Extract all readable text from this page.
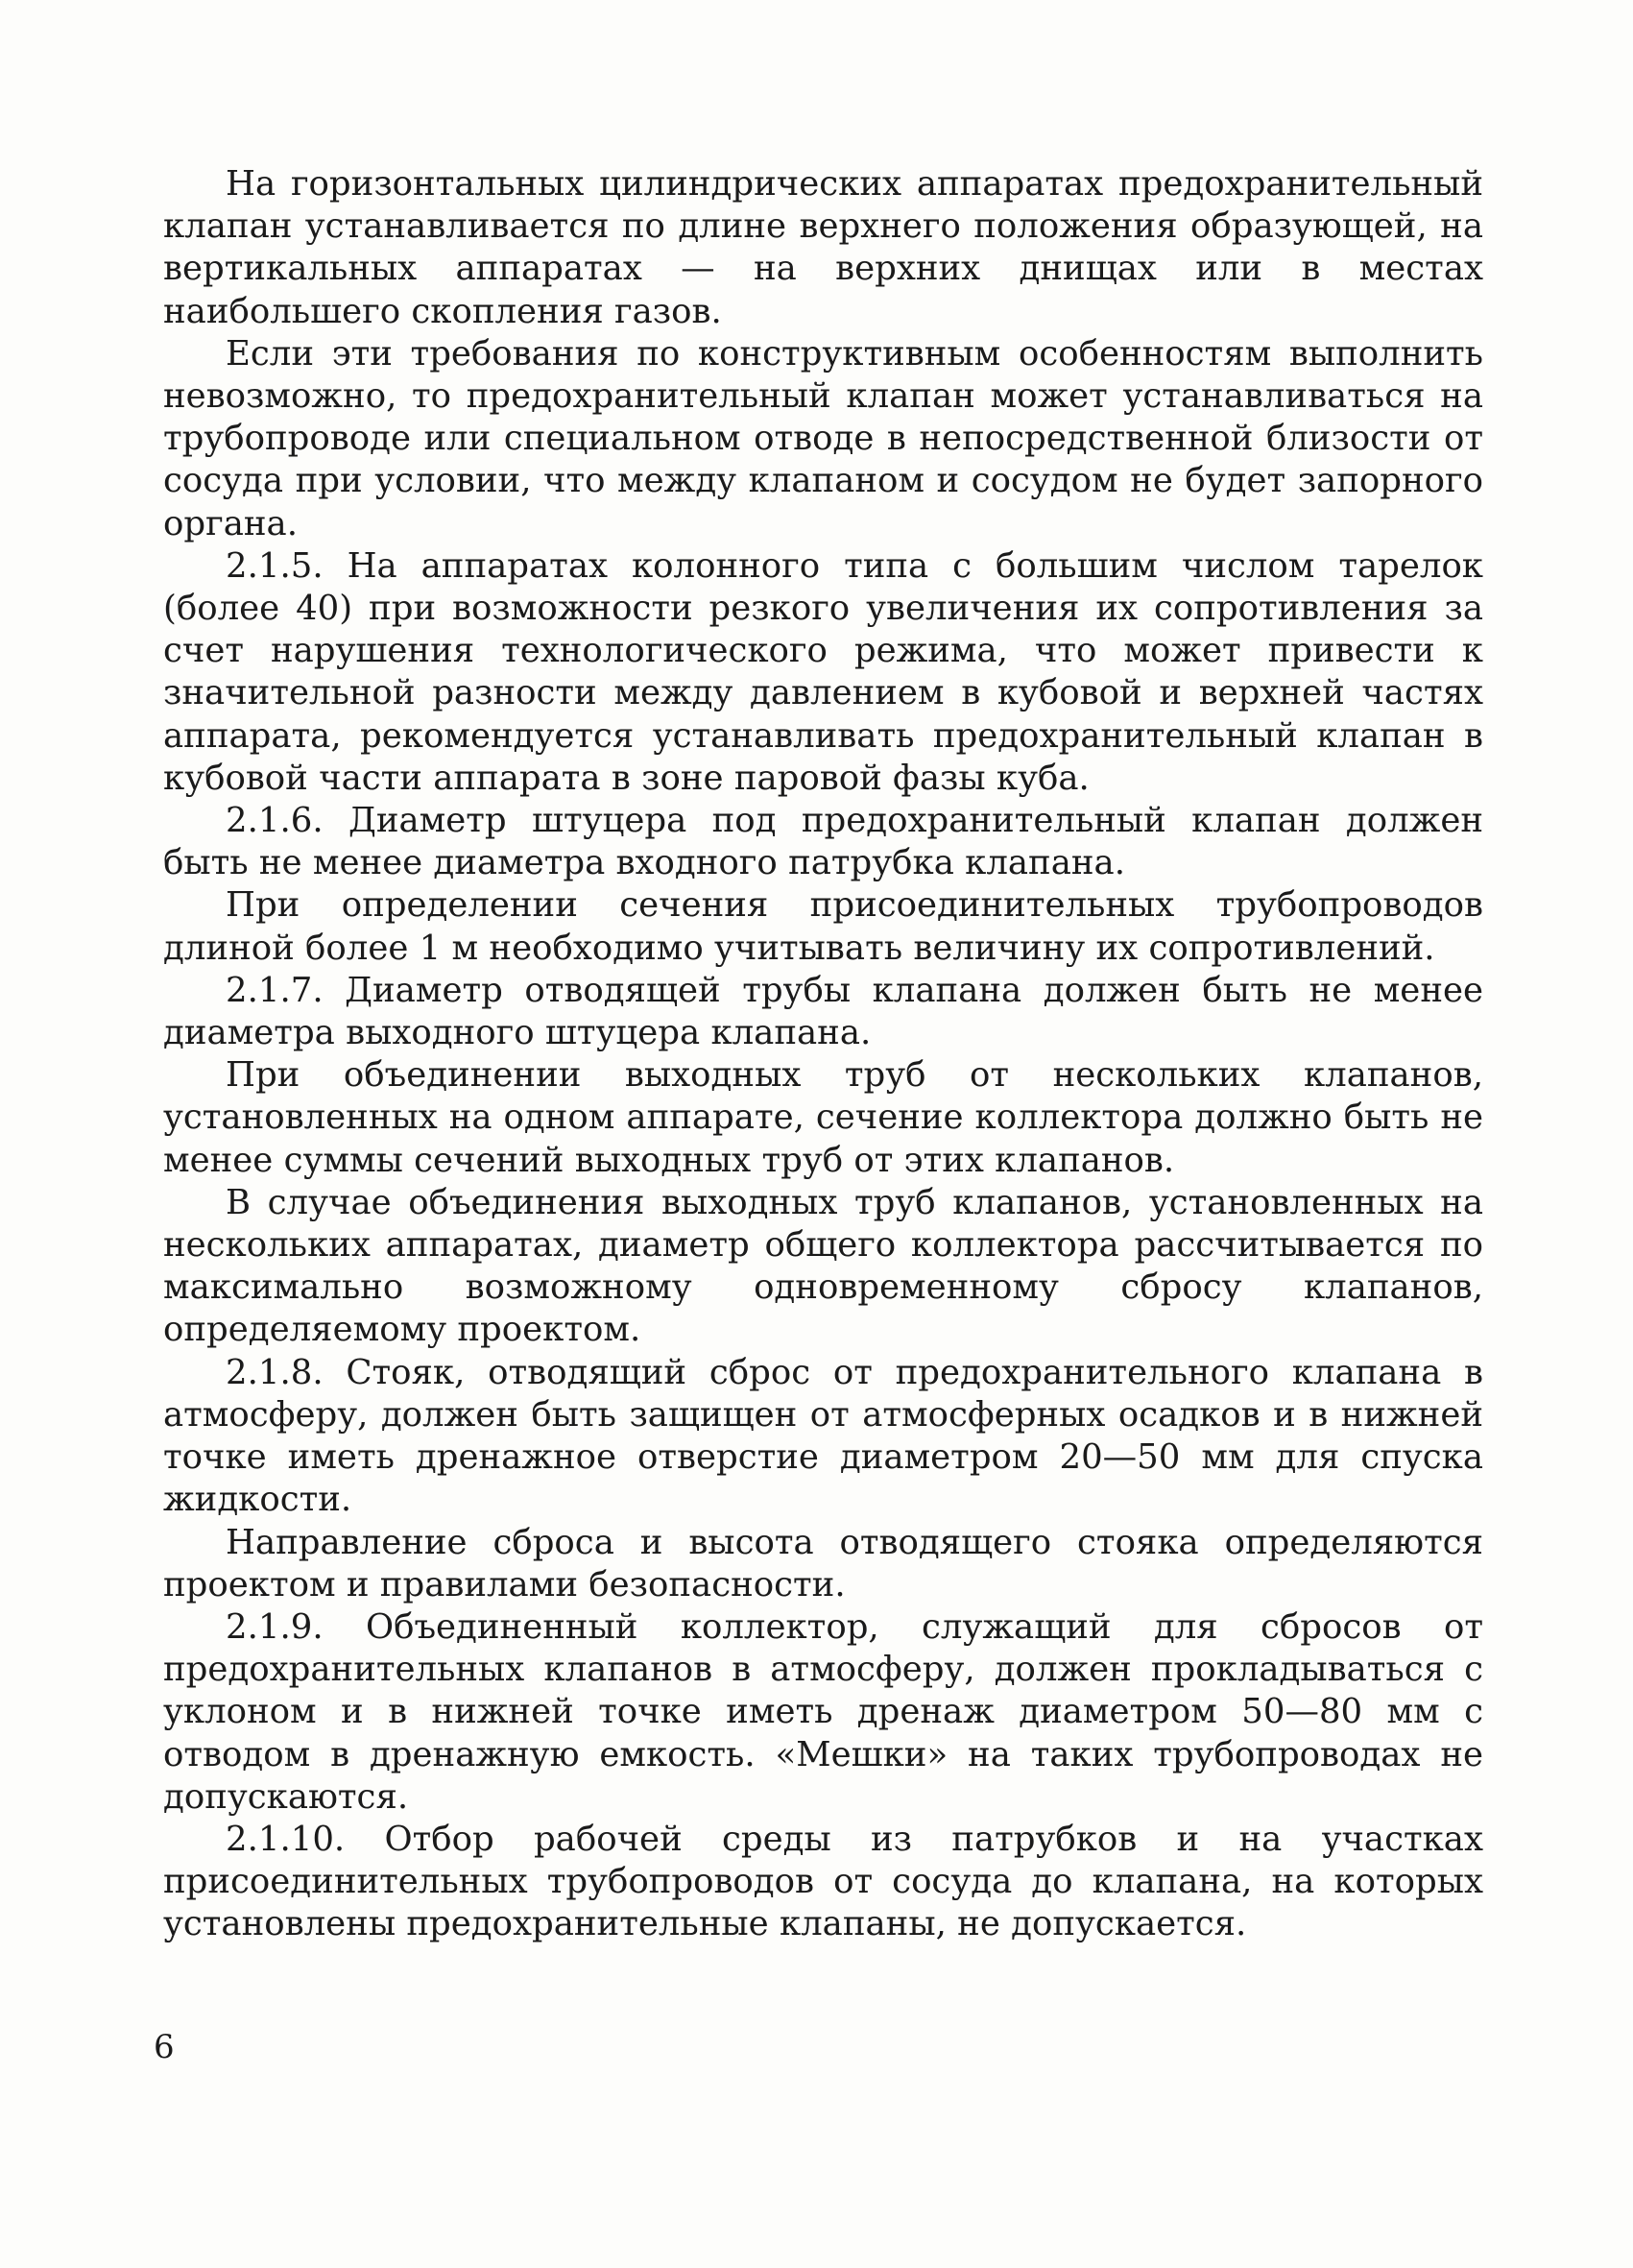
На горизонтальных цилиндрических аппаратах предохранительный клапан устанавливается по длине верхнего положения образующей, на вертикальных аппаратах — на верхних днищах или в местах наибольшего скопления газов.

Если эти требования по конструктивным особенностям выполнить невозможно, то предохранительный клапан может устанавливаться на трубопроводе или специальном отводе в непосредственной близости от сосуда при условии, что между клапаном и сосудом не будет запорного органа.

2.1.5. На аппаратах колонного типа с большим числом тарелок (более 40) при возможности резкого увеличения их сопротивления за счет нарушения технологического режима, что может привести к значительной разности между давлением в кубовой и верхней частях аппарата, рекомендуется устанавливать предохранительный клапан в кубовой части аппарата в зоне паровой фазы куба.

2.1.6. Диаметр штуцера под предохранительный клапан должен быть не менее диаметра входного патрубка клапана.

При определении сечения присоединительных трубопроводов длиной более 1 м необходимо учитывать величину их сопротивлений.

2.1.7. Диаметр отводящей трубы клапана должен быть не менее диаметра выходного штуцера клапана.

При объединении выходных труб от нескольких клапанов, установленных на одном аппарате, сечение коллектора должно быть не менее суммы сечений выходных труб от этих клапанов.

В случае объединения выходных труб клапанов, установленных на нескольких аппаратах, диаметр общего коллектора рассчитывается по максимально возможному одновременному сбросу клапанов, определяемому проектом.

2.1.8. Стояк, отводящий сброс от предохранительного клапана в атмосферу, должен быть защищен от атмосферных осадков и в нижней точке иметь дренажное отверстие диаметром 20—50 мм для спуска жидкости.

Направление сброса и высота отводящего стояка определяются проектом и правилами безопасности.

2.1.9. Объединенный коллектор, служащий для сбросов от предохранительных клапанов в атмосферу, должен прокладываться с уклоном и в нижней точке иметь дренаж диаметром 50—80 мм с отводом в дренажную емкость. «Мешки» на таких трубопроводах не допускаются.

2.1.10. Отбор рабочей среды из патрубков и на участках присоединительных трубопроводов от сосуда до клапана, на которых установлены предохранительные клапаны, не допускается.

6
